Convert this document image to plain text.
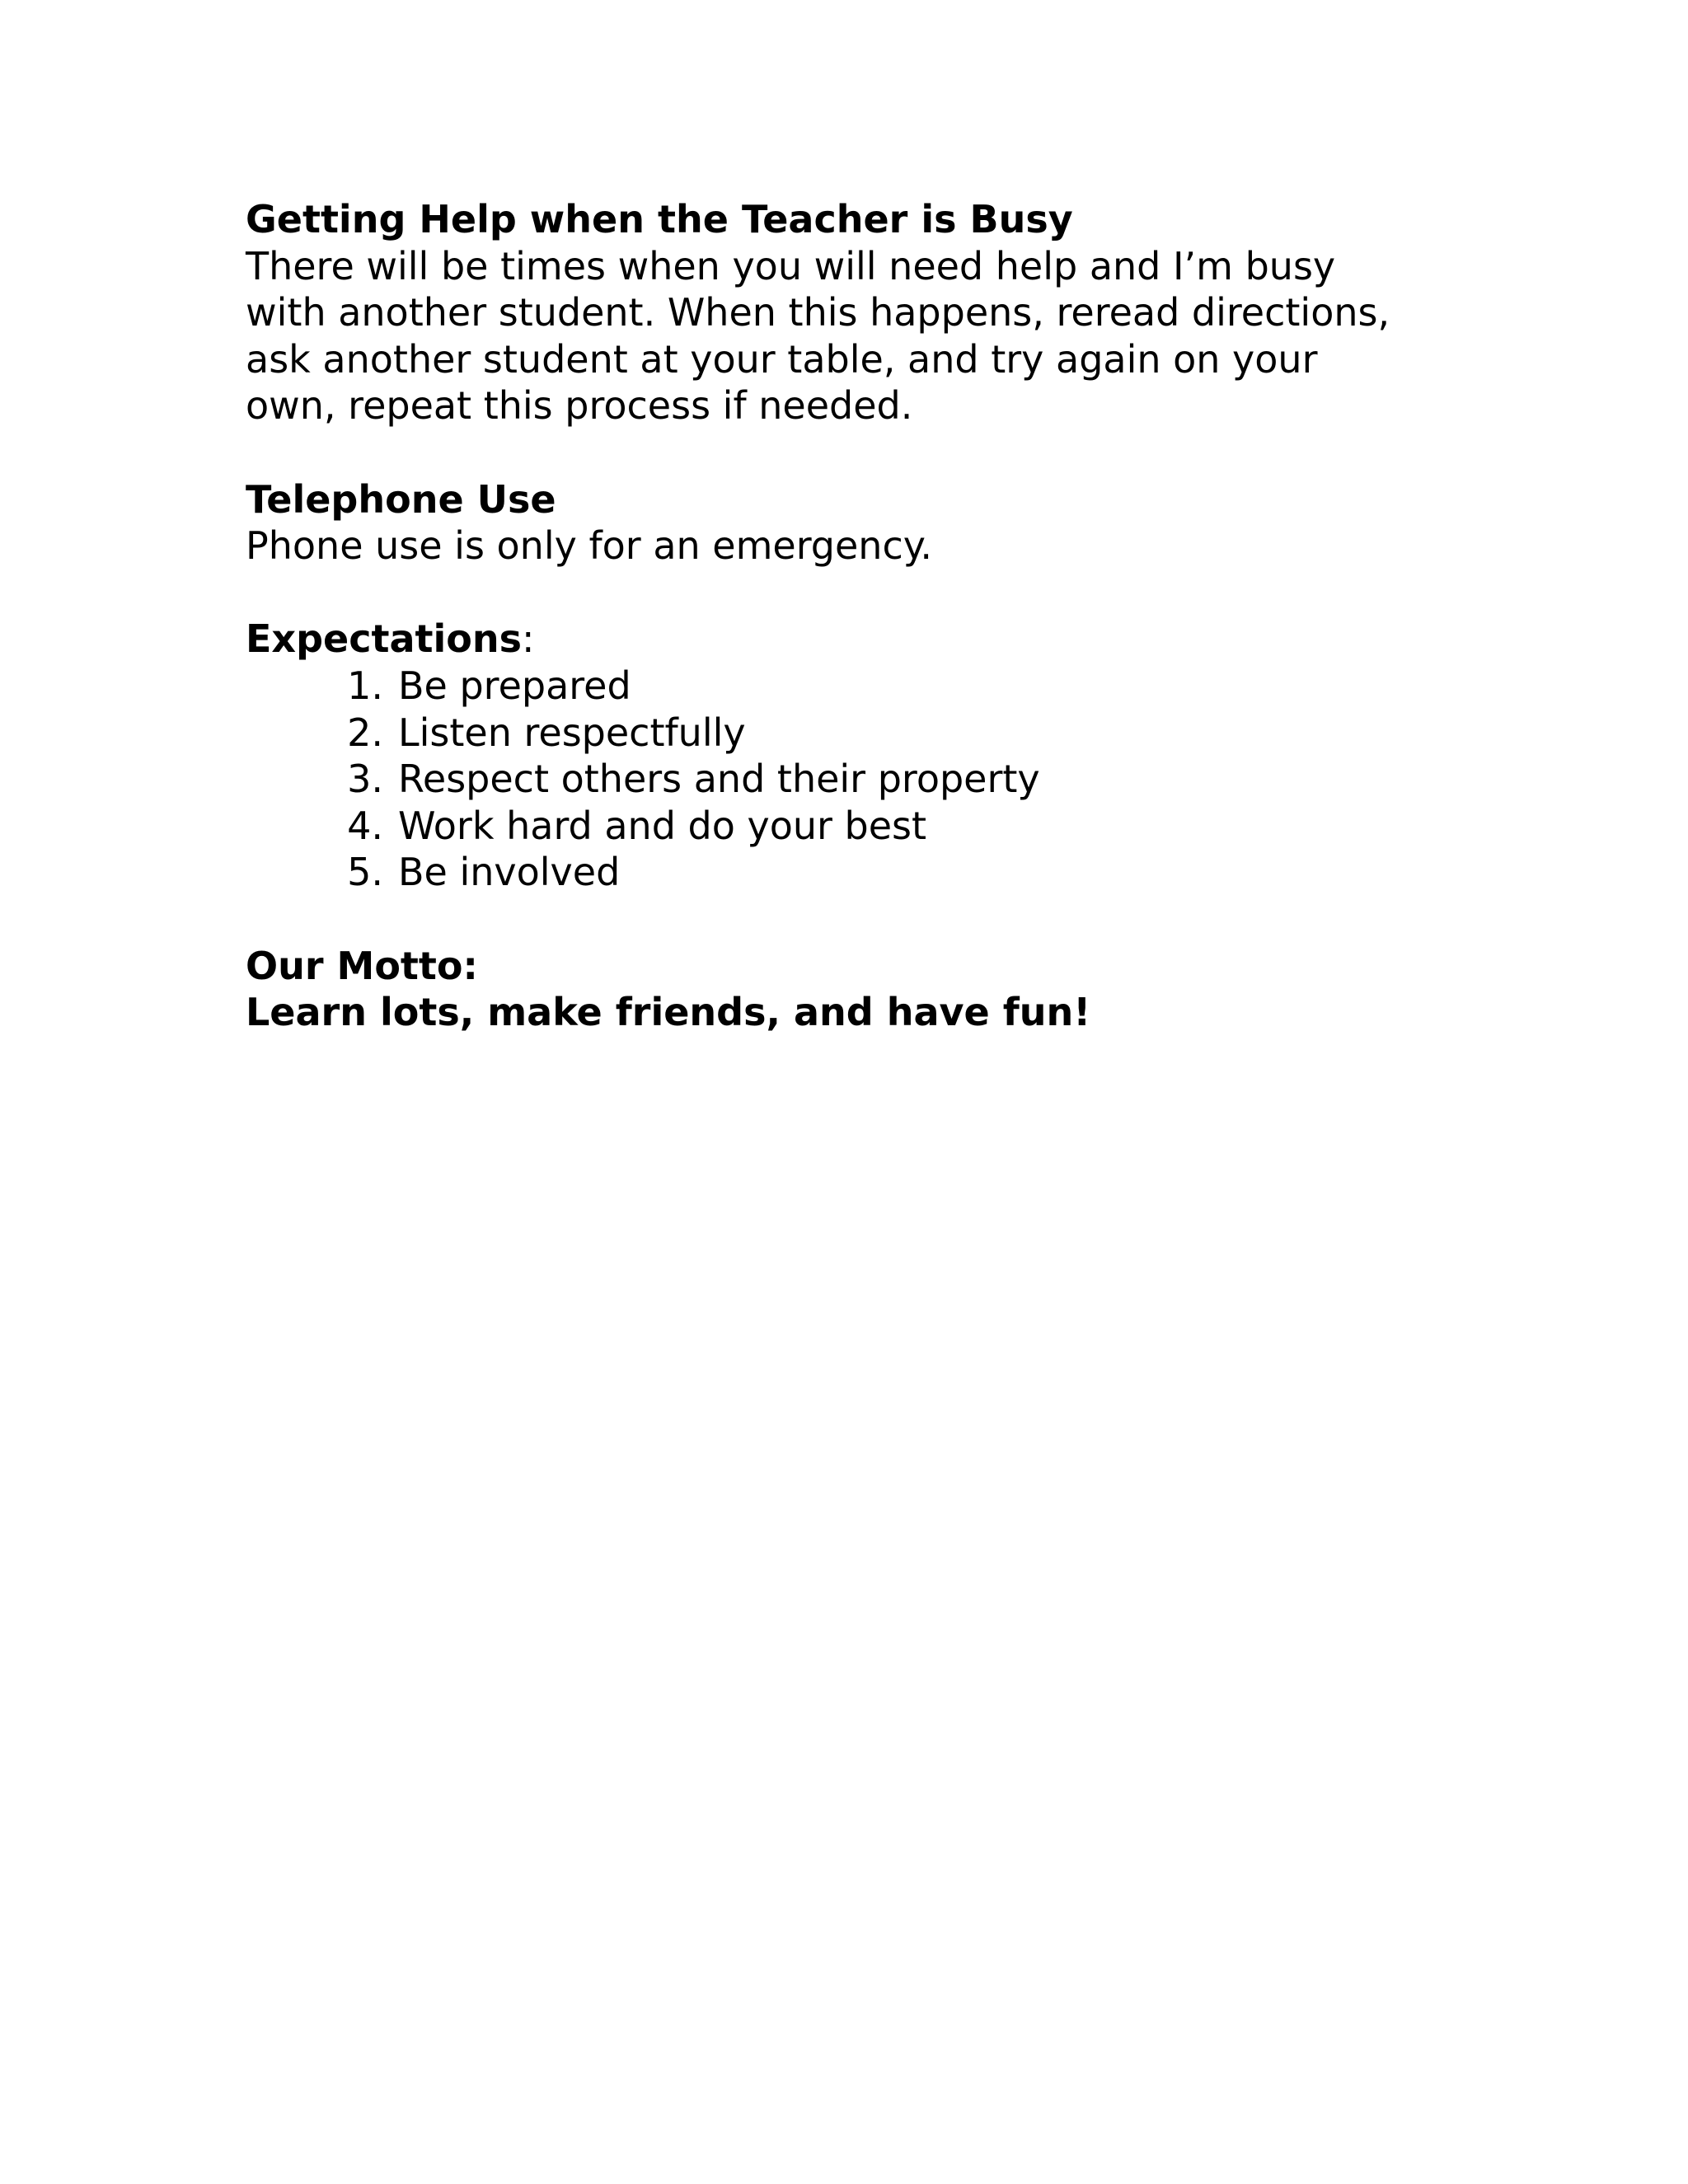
Getting Help when the Teacher is Busy

There will be times when you will need help and I’m busy

with another student. When this happens, reread directions,

ask another student at your table, and try again on your

own, repeat this process if needed.

Telephone Use

Phone use is only for an emergency.

Expectations:

1. Be prepared
2. Listen respectfully
3. Respect others and their property
4. Work hard and do your best
5. Be involved

Our Motto:

Learn lots, make friends, and have fun!
